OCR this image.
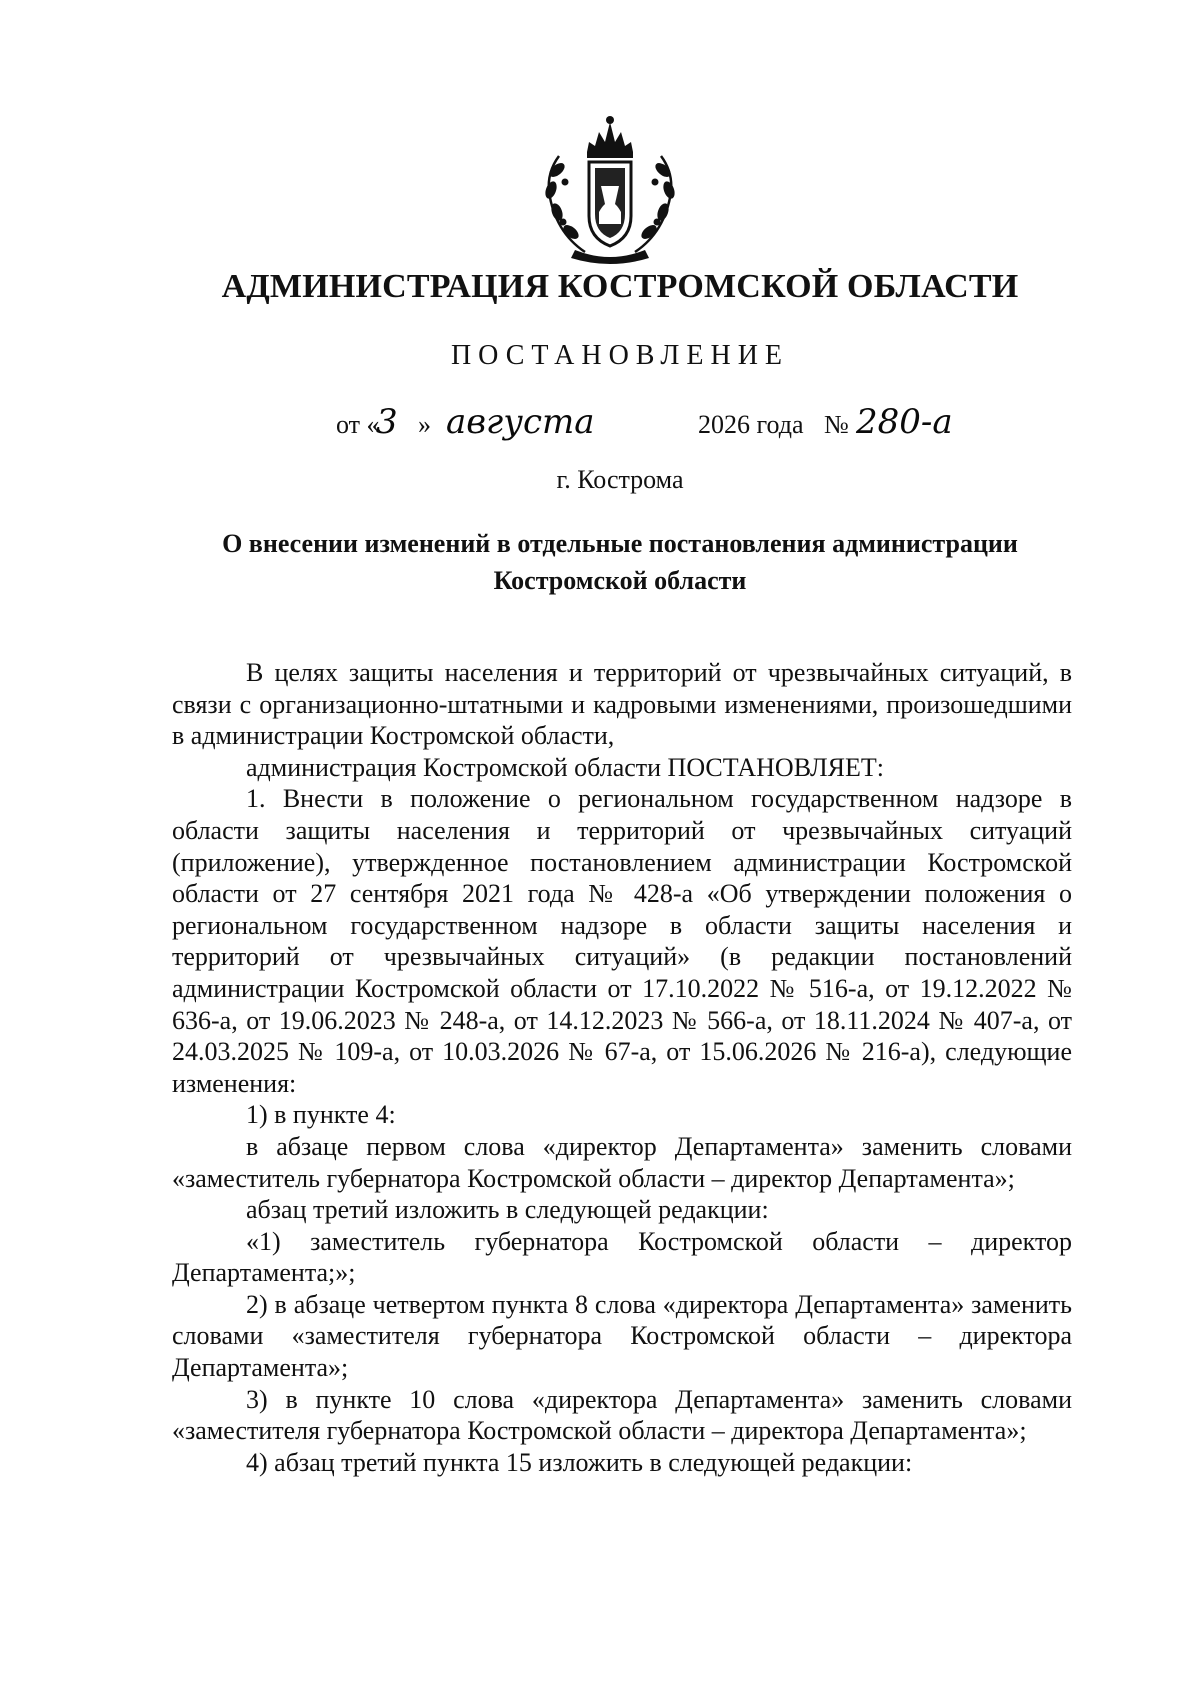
АДМИНИСТРАЦИЯ КОСТРОМСКОЙ ОБЛАСТИ
ПОСТАНОВЛЕНИЕ
от «
3 » августа	2026 года № 280-а
г. Кострома
О внесении изменений в отдельные постановления администрации
Костромской области

В целях защиты населения и территорий от чрезвычайных ситуаций, в связи с организационно-штатными и кадровыми изменениями, произошедшими в администрации Костромской области,

администрация Костромской области ПОСТАНОВЛЯЕТ:

1. Внести в положение о региональном государственном надзоре в области защиты населения и территорий от чрезвычайных ситуаций (приложение), утвержденное постановлением администрации Костромской области от 27 сентября 2021 года № 428-а «Об утверждении положения о региональном государственном надзоре в области защиты населения и территорий от чрезвычайных ситуаций» (в редакции постановлений администрации Костромской области от 17.10.2022 № 516-а, от 19.12.2022 № 636-а, от 19.06.2023 № 248-а, от 14.12.2023 № 566-а, от 18.11.2024 № 407-а, от 24.03.2025 № 109-а, от 10.03.2026 № 67-а, от 15.06.2026 № 216-а), следующие изменения:

1) в пункте 4:

в абзаце первом слова «директор Департамента» заменить словами «заместитель губернатора Костромской области – директор Департамента»;

абзац третий изложить в следующей редакции:

«1) заместитель губернатора Костромской области – директор Департамента;»;

2) в абзаце четвертом пункта 8 слова «директора Департамента» заменить словами «заместителя губернатора Костромской области – директора Департамента»;

3) в пункте 10 слова «директора Департамента» заменить словами «заместителя губернатора Костромской области – директора Департамента»;

4) абзац третий пункта 15 изложить в следующей редакции:
